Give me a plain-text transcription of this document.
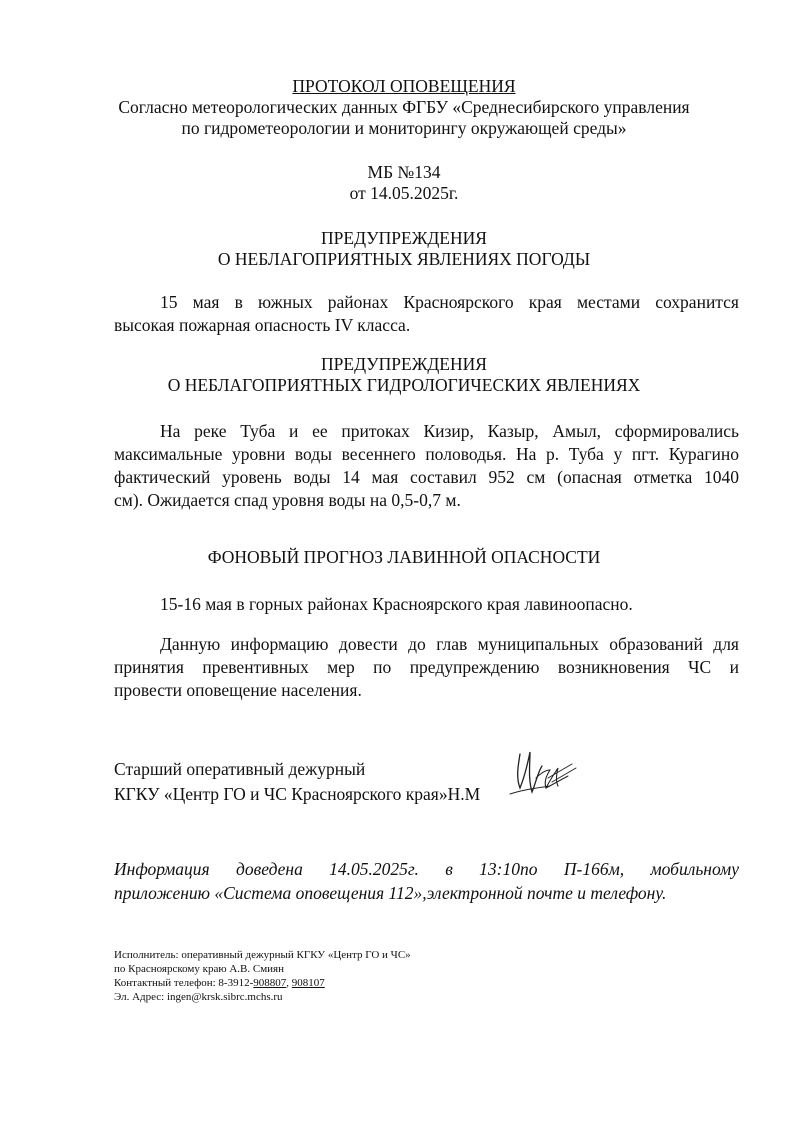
ПРОТОКОЛ ОПОВЕЩЕНИЯ
Согласно метеорологических данных ФГБУ «Среднесибирского управления
по гидрометеорологии и мониторингу окружающей среды»
МБ №134
от 14.05.2025г.
ПРЕДУПРЕЖДЕНИЯ
О НЕБЛАГОПРИЯТНЫХ ЯВЛЕНИЯХ ПОГОДЫ
15 мая в южных районах Красноярского края местами сохранится
высокая пожарная опасность IV класса.
ПРЕДУПРЕЖДЕНИЯ
О НЕБЛАГОПРИЯТНЫХ ГИДРОЛОГИЧЕСКИХ ЯВЛЕНИЯХ
На реке Туба и ее притоках Кизир, Казыр, Амыл, сформировались
максимальные уровни воды весеннего половодья. На р. Туба у пгт. Курагино
фактический уровень воды 14 мая составил 952 см (опасная отметка 1040
см). Ожидается спад уровня воды на 0,5-0,7 м.
ФОНОВЫЙ ПРОГНОЗ ЛАВИННОЙ ОПАСНОСТИ
15-16 мая в горных районах Красноярского края лавиноопасно.
Данную информацию довести до глав муниципальных образований для
принятия превентивных мер по предупреждению возникновения ЧС и
провести оповещение населения.
Старший оперативный дежурный
КГКУ «Центр ГО и ЧС Красноярского края»Н.М
Информация доведена 14.05.2025г. в 13:10по П-166м, мобильному
приложению «Система оповещения 112»,электронной почте и телефону.
Исполнитель: оперативный дежурный КГКУ «Центр ГО и ЧС»
по Красноярскому краю А.В. Смиян
Контактный телефон: 8-3912-908807, 908107
Эл. Адрес: ingen@krsk.sibrc.mchs.ru
